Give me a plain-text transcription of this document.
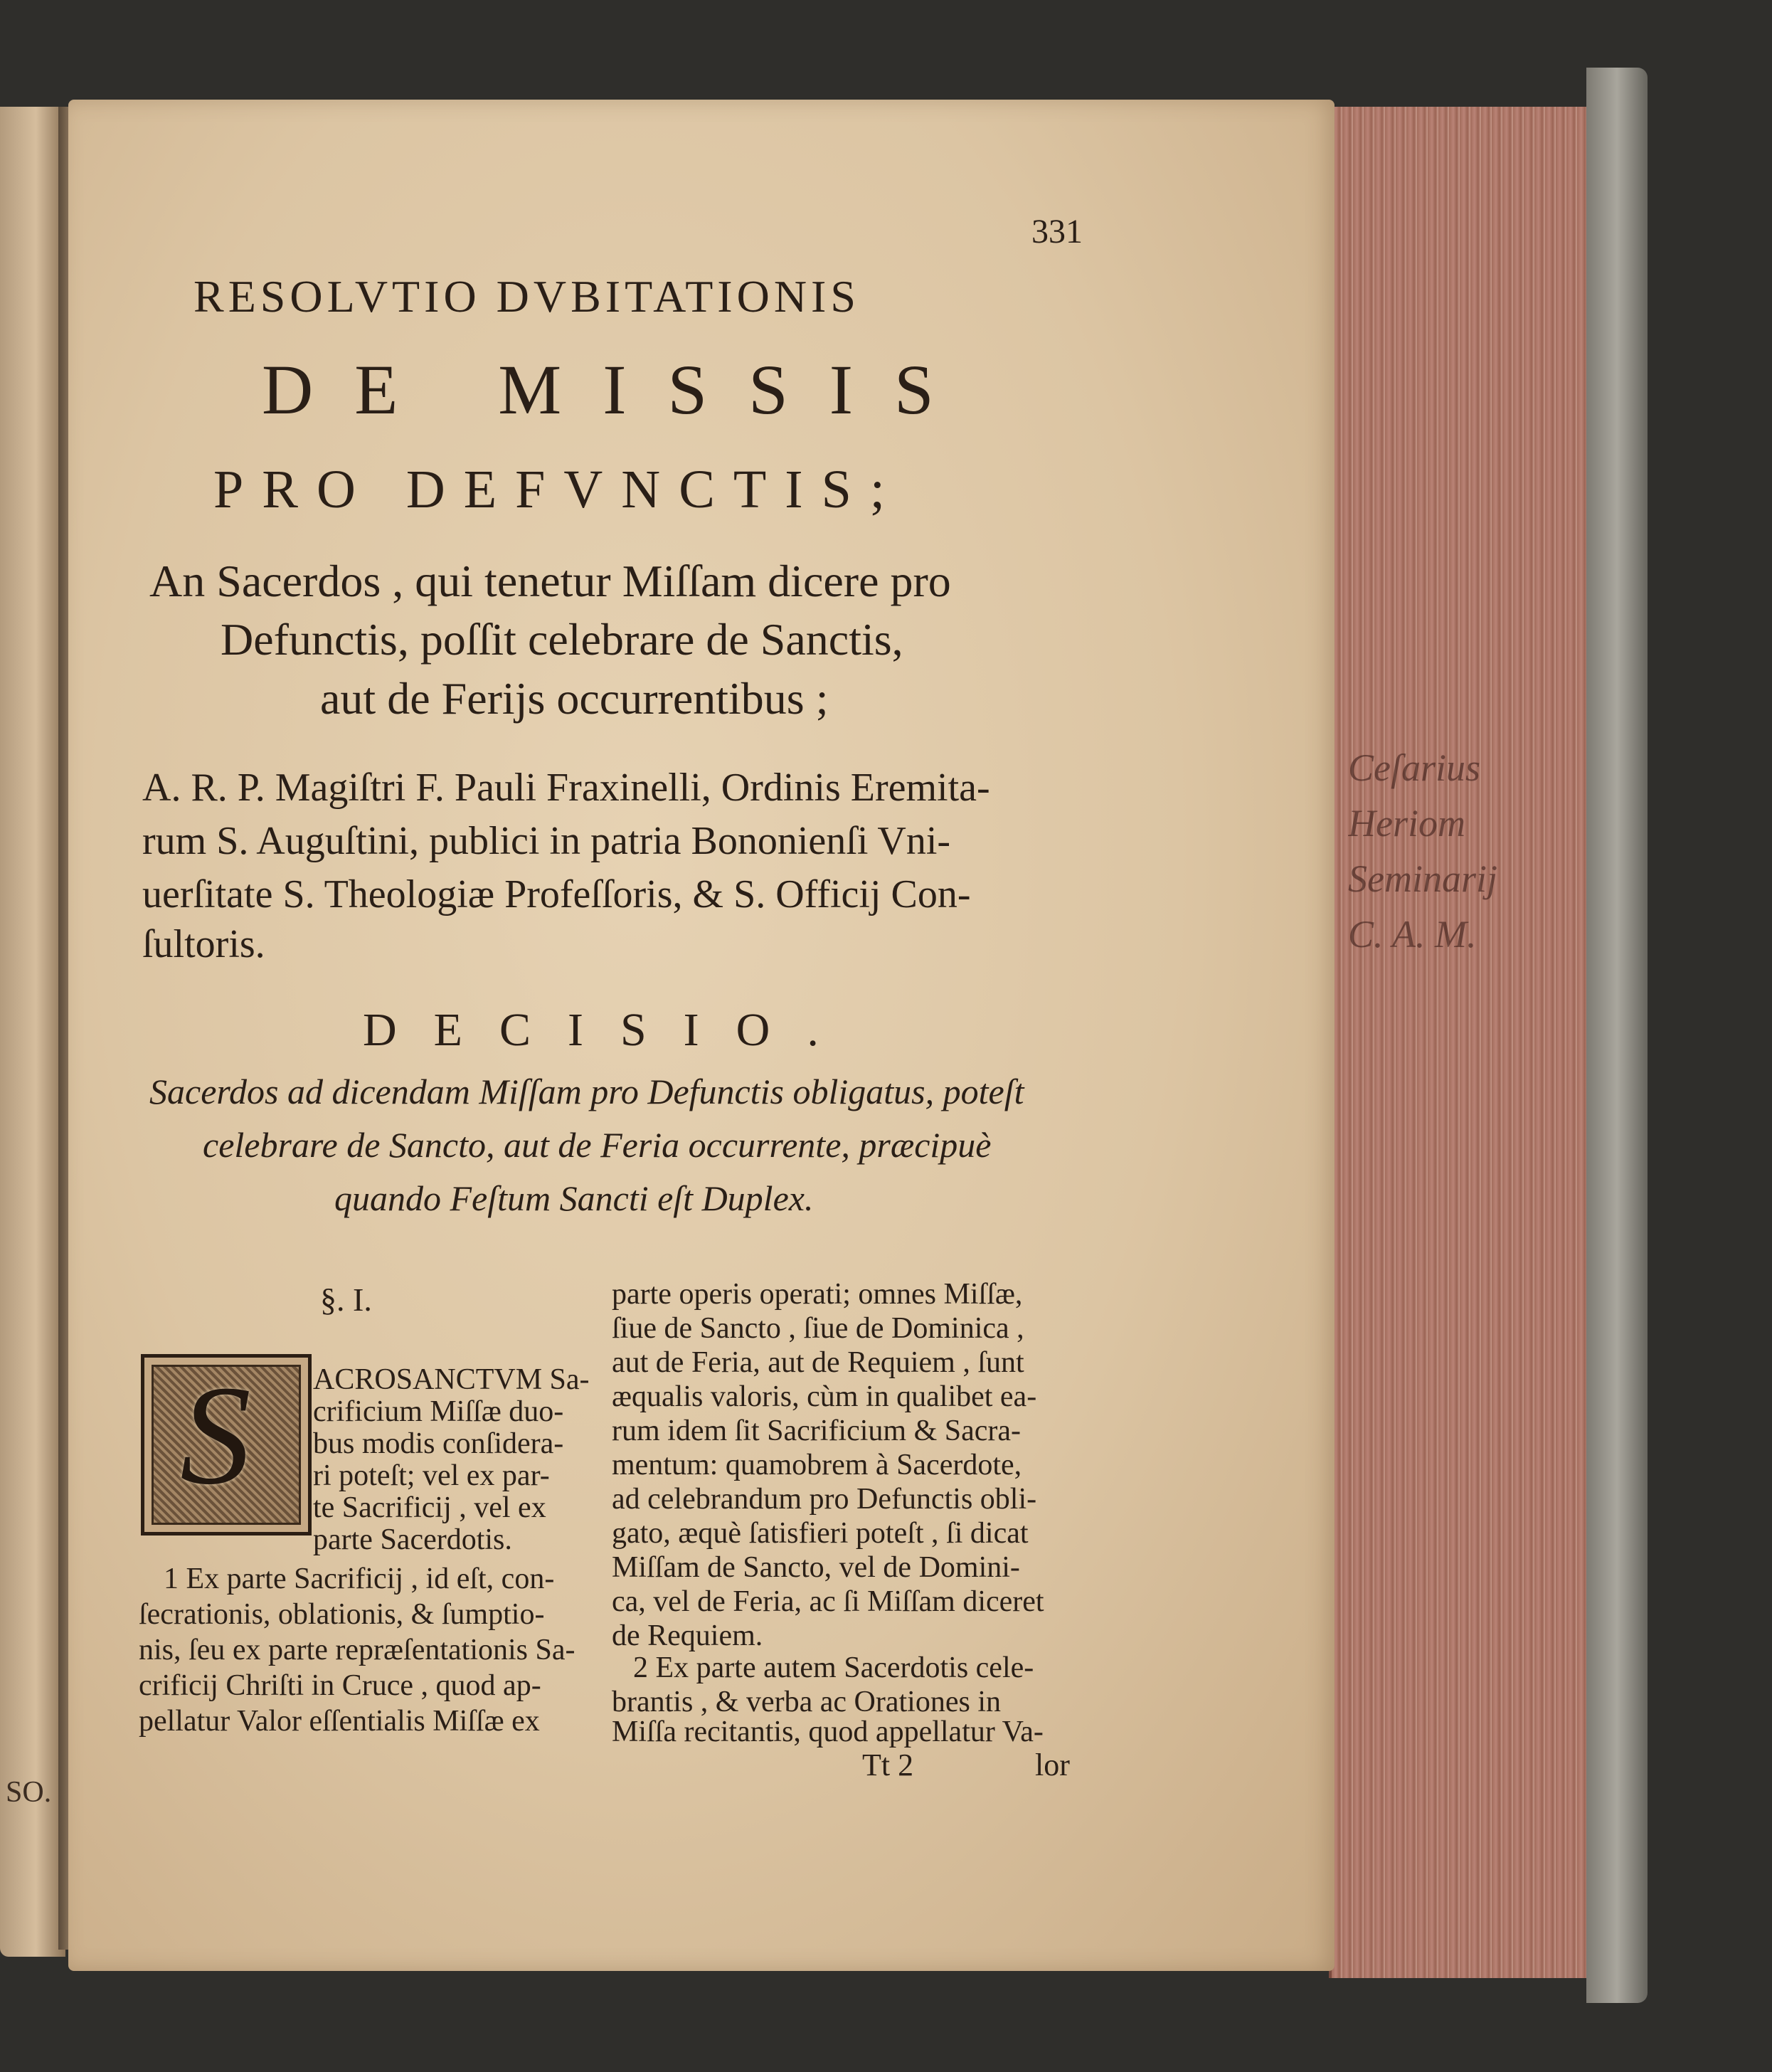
SO.
Ceſarius
Heriom
Seminarij
C. A. M.
331
RESOLVTIO DVBITATIONIS
DE MISSIS
PRO DEFVNCTIS;
An Sacerdos , qui tenetur Miſſam dicere pro
Defunctis, poſſit celebrare de Sanctis,
aut de Ferijs occurrentibus ;
A. R. P. Magiſtri F. Pauli Fraxinelli, Ordinis Eremita-
rum S. Auguſtini, publici in patria Bononienſi Vni-
uerſitate S. Theologiæ Profeſſoris, & S. Officij Con-
ſultoris.
DECISIO.
Sacerdos ad dicendam Miſſam pro Defunctis obligatus, poteſt
celebrare de Sancto, aut de Feria occurrente, præcipuè
quando Feſtum Sancti eſt Duplex.
§. I.
S ACROSANCTVM Sa-
crificium Miſſæ duo-
bus modis conſidera-
ri poteſt; vel ex par-
te Sacrificij , vel ex
parte Sacerdotis.
1 Ex parte Sacrificij , id eſt, con-
ſecrationis, oblationis, & ſumptio-
nis, ſeu ex parte repræſentationis Sa-
crificij Chriſti in Cruce , quod ap-
pellatur Valor eſſentialis Miſſæ ex
parte operis operati; omnes Miſſæ,
ſiue de Sancto , ſiue de Dominica ,
aut de Feria, aut de Requiem , ſunt
æqualis valoris, cùm in qualibet ea-
rum idem ſit Sacrificium & Sacra-
mentum: quamobrem à Sacerdote,
ad celebrandum pro Defunctis obli-
gato, æquè ſatisfieri poteſt , ſi dicat
Miſſam de Sancto, vel de Domini-
ca, vel de Feria, ac ſi Miſſam diceret
de Requiem.
2 Ex parte autem Sacerdotis cele-
brantis , & verba ac Orationes in
Miſſa recitantis, quod appellatur Va-
Tt 2	lor
